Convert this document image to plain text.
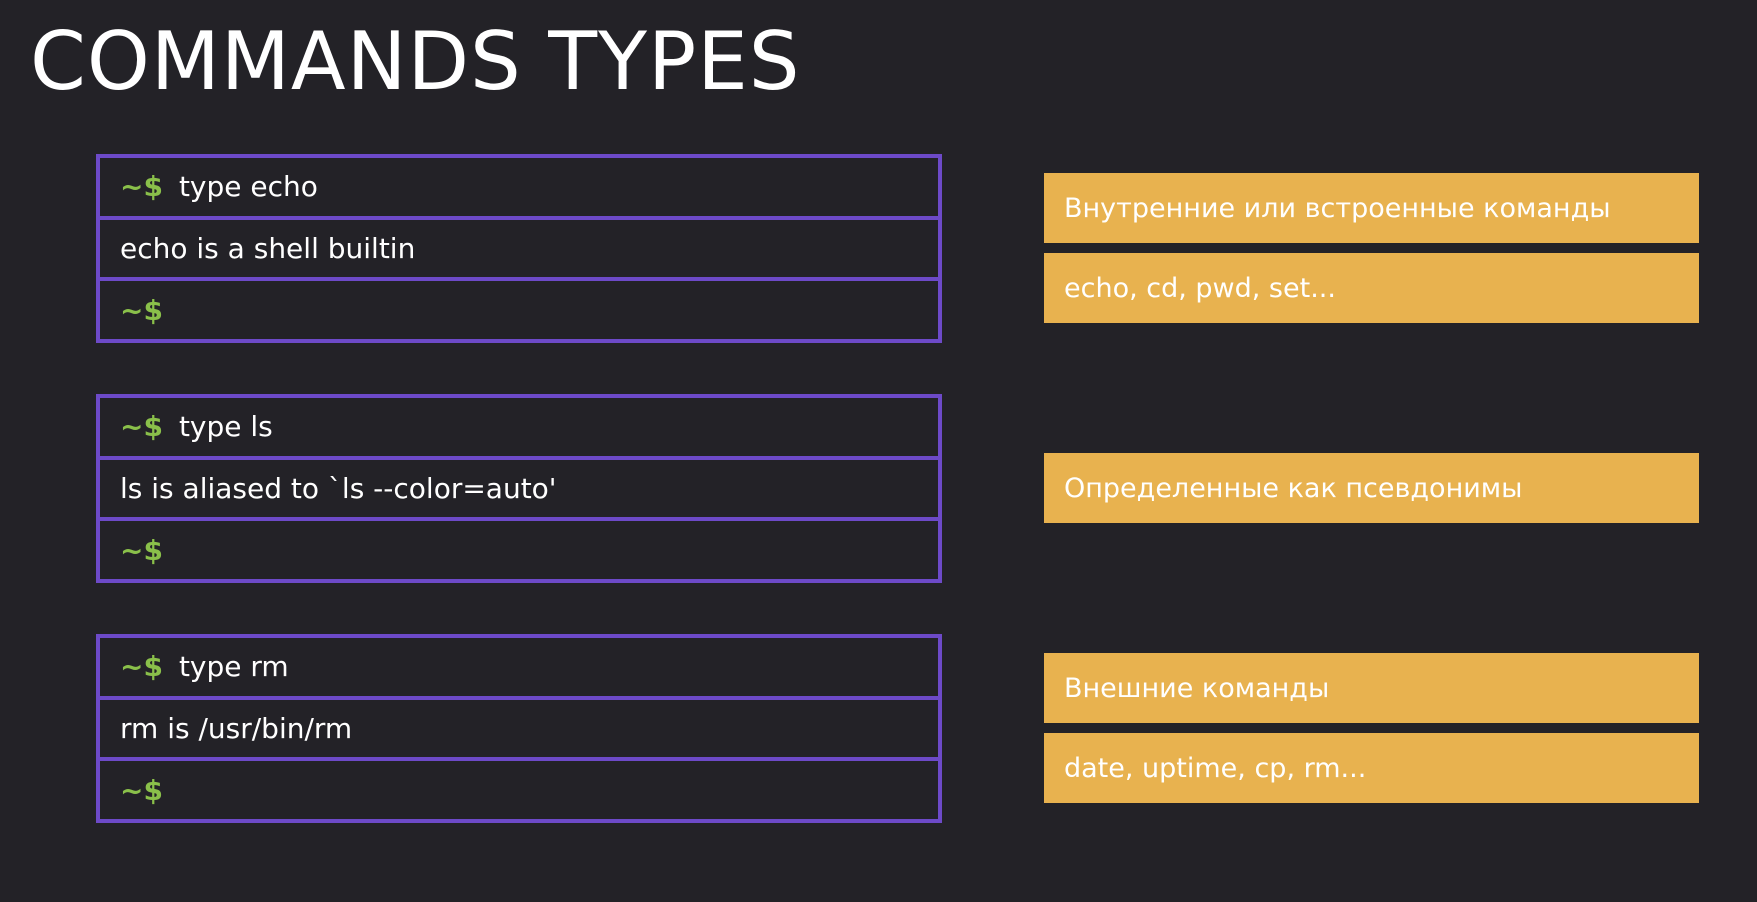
COMMANDS TYPES
~$ type echo
echo is a shell builtin
~$
~$ type ls
ls is aliased to `ls --color=auto'
~$
~$ type rm
rm is /usr/bin/rm
~$
Внутренние или встроенные команды
echo, cd, pwd, set...
Определенные как псевдонимы
Внешние команды
date, uptime, cp, rm...
